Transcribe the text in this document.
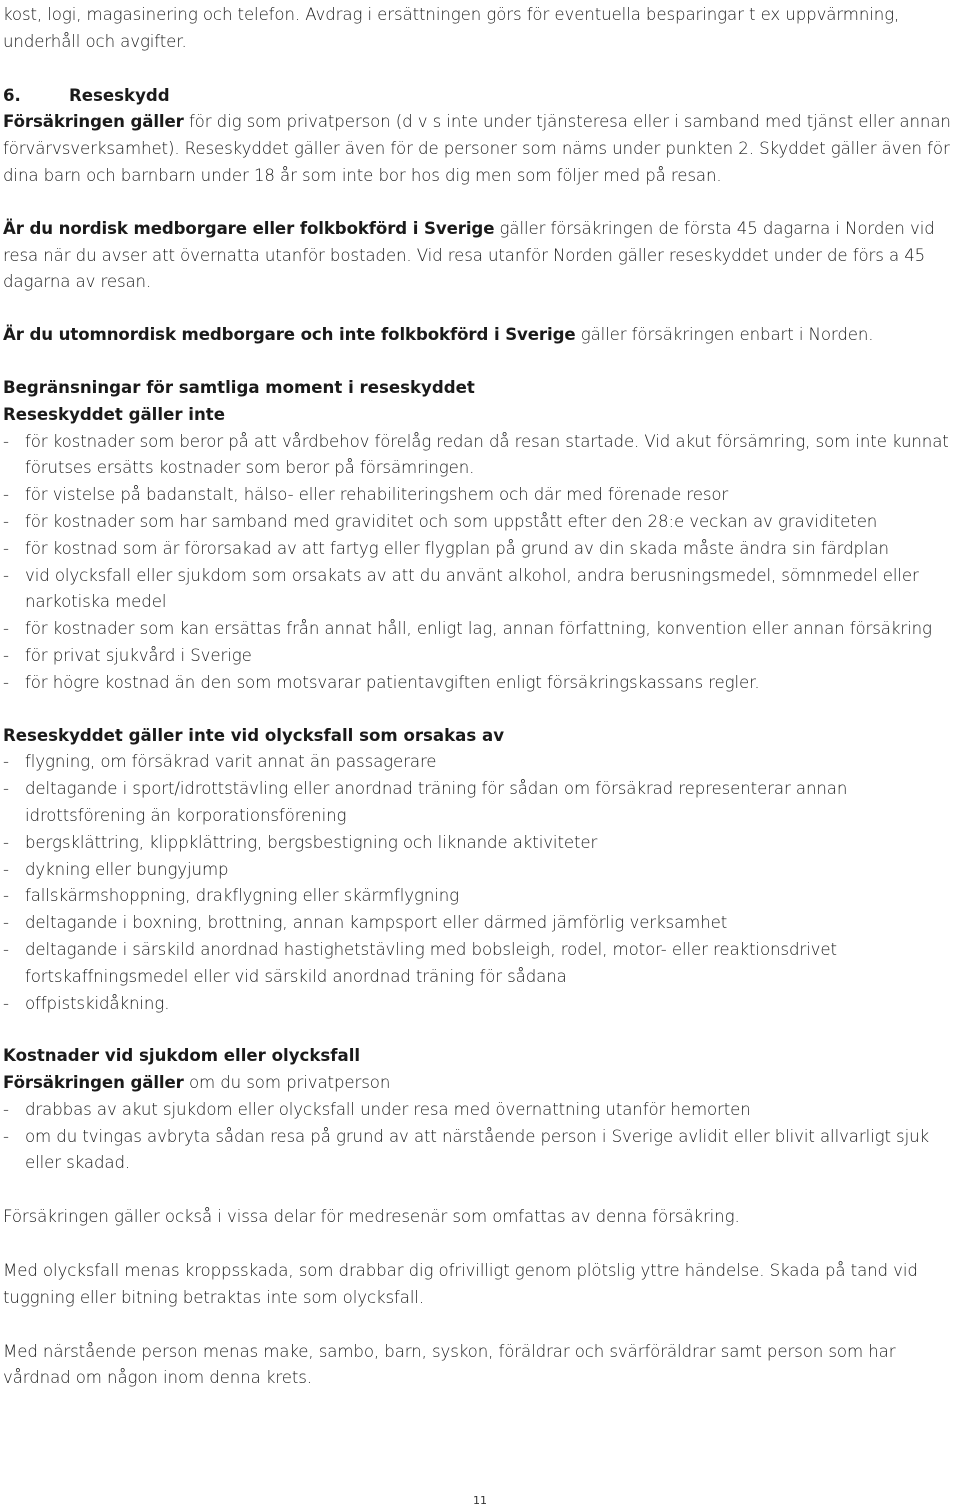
kost, logi, magasinering och telefon. Avdrag i ersättningen görs för eventuella besparingar t ex uppvärmning, underhåll och avgifter.

6.	Reseskydd

Försäkringen gäller för dig som privatperson (d v s inte under tjänsteresa eller i samband med tjänst eller annan förvärvsverksamhet). Reseskyddet gäller även för de personer som näms under punkten 2. Skyddet gäller även för dina barn och barnbarn under 18 år som inte bor hos dig men som följer med på resan.

Är du nordisk medborgare eller folkbokförd i Sverige gäller försäkringen de första 45 dagarna i Norden vid resa när du avser att övernatta utanför bostaden. Vid resa utanför Norden gäller reseskyddet under de förs a 45 dagarna av resan.

Är du utomnordisk medborgare och inte folkbokförd i Sverige gäller försäkringen enbart i Norden.

Begränsningar för samtliga moment i reseskyddet
Reseskyddet gäller inte
- för kostnader som beror på att vårdbehov förelåg redan då resan startade. Vid akut försämring, som inte kunnat förutses ersätts kostnader som beror på försämringen.
- för vistelse på badanstalt, hälso- eller rehabiliteringshem och där med förenade resor
- för kostnader som har samband med graviditet och som uppstått efter den 28:e veckan av graviditeten
- för kostnad som är förorsakad av att fartyg eller flygplan på grund av din skada måste ändra sin färdplan
- vid olycksfall eller sjukdom som orsakats av att du använt alkohol, andra berusningsmedel, sömnmedel eller narkotiska medel
- för kostnader som kan ersättas från annat håll, enligt lag, annan författning, konvention eller annan försäkring
- för privat sjukvård i Sverige
- för högre kostnad än den som motsvarar patientavgiften enligt försäkringskassans regler.
Reseskyddet gäller inte vid olycksfall som orsakas av
- flygning, om försäkrad varit annat än passagerare
- deltagande i sport/idrottstävling eller anordnad träning för sådan om försäkrad representerar annan idrottsförening än korporationsförening
- bergsklättring, klippklättring, bergsbestigning och liknande aktiviteter
- dykning eller bungyjump
- fallskärmshoppning, drakflygning eller skärmflygning
- deltagande i boxning, brottning, annan kampsport eller därmed jämförlig verksamhet
- deltagande i särskild anordnad hastighetstävling med bobsleigh, rodel, motor- eller reaktionsdrivet fortskaffningsmedel eller vid särskild anordnad träning för sådana
- offpistskidåkning.
Kostnader vid sjukdom eller olycksfall

Försäkringen gäller om du som privatperson

- drabbas av akut sjukdom eller olycksfall under resa med övernattning utanför hemorten
- om du tvingas avbryta sådan resa på grund av att närstående person i Sverige avlidit eller blivit allvarligt sjuk eller skadad.

Försäkringen gäller också i vissa delar för medresenär som omfattas av denna försäkring.

Med olycksfall menas kroppsskada, som drabbar dig ofrivilligt genom plötslig yttre händelse. Skada på tand vid tuggning eller bitning betraktas inte som olycksfall.

Med närstående person menas make, sambo, barn, syskon, föräldrar och svärföräldrar samt person som har vårdnad om någon inom denna krets.

11
